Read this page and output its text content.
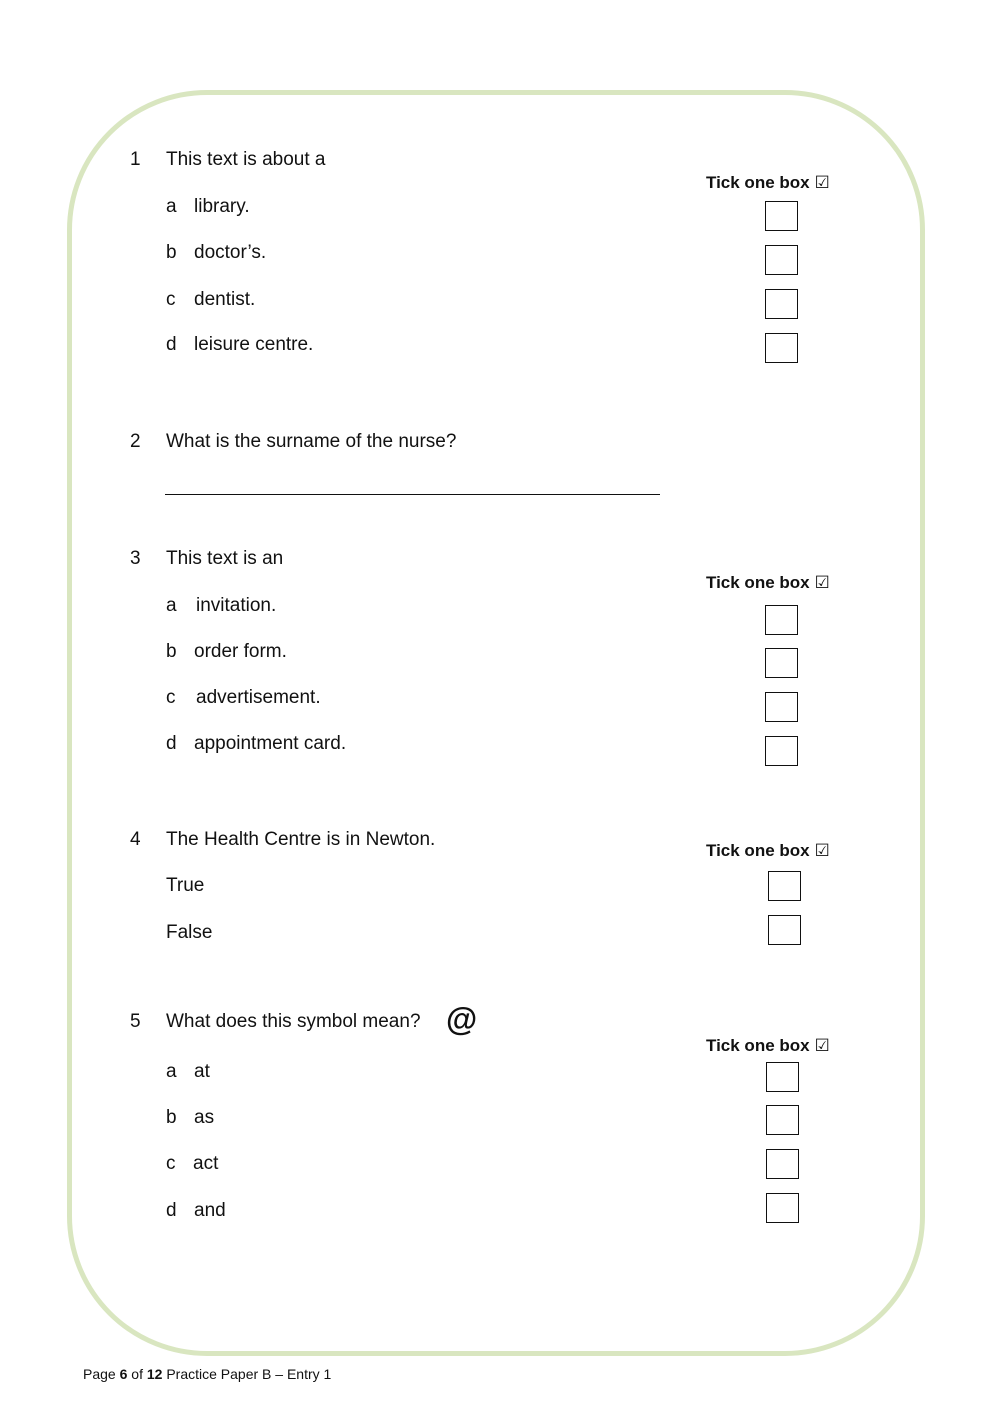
1 This text is about a
Tick one box ☑
a library.
b doctor’s.
c dentist.
d leisure centre.
2 What is the surname of the nurse?
3 This text is an
Tick one box ☑
a invitation.
b order form.
c advertisement.
d appointment card.
4 The Health Centre is in Newton.
Tick one box ☑
True
False
5 What does this symbol mean? @
Tick one box ☑
a at
b as
c act
d and
Page 6 of 12 Practice Paper B – Entry 1
